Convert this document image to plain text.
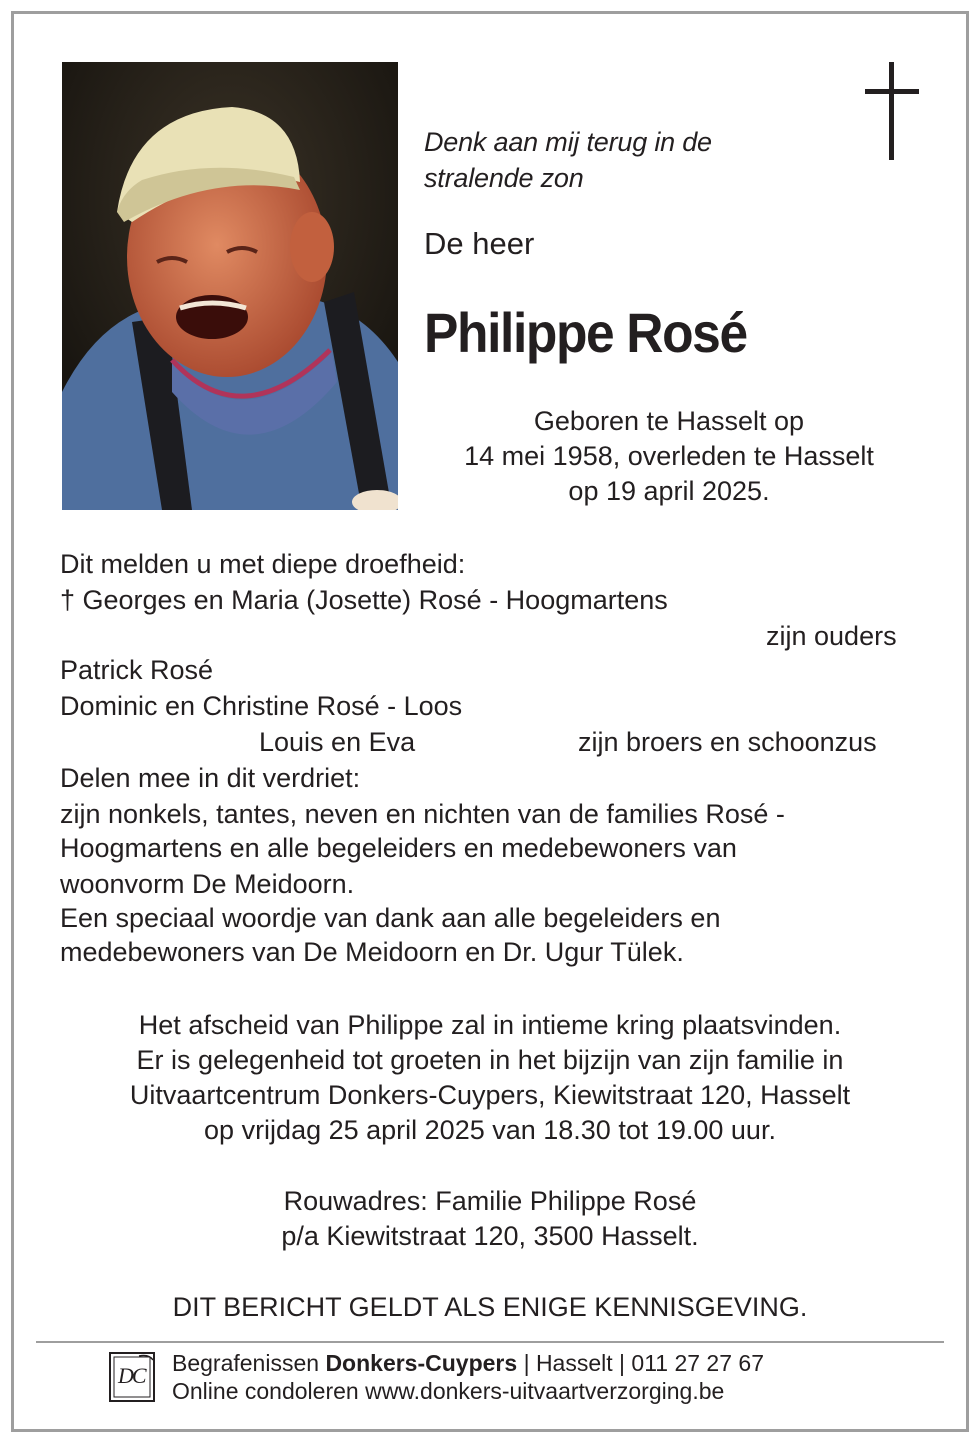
Denk aan mij terug in de
stralende zon
De heer
Philippe Rosé
Geboren te Hasselt op
14 mei 1958, overleden te Hasselt
op 19 april 2025.
Dit melden u met diepe droefheid:
† Georges en Maria (Josette) Rosé - Hoogmartens
zijn ouders
Patrick Rosé
Dominic en Christine Rosé - Loos
Louis en Eva	zijn broers en schoonzus
Delen mee in dit verdriet:
zijn nonkels, tantes, neven en nichten van de families Rosé -
Hoogmartens en alle begeleiders en medebewoners van
woonvorm De Meidoorn.
Een speciaal woordje van dank aan alle begeleiders en
medebewoners van De Meidoorn en Dr. Ugur Tülek.
Het afscheid van Philippe zal in intieme kring plaatsvinden.
Er is gelegenheid tot groeten in het bijzijn van zijn familie in
Uitvaartcentrum Donkers-Cuypers, Kiewitstraat 120, Hasselt
op vrijdag 25 april 2025 van 18.30 tot 19.00 uur.
Rouwadres: Familie Philippe Rosé
p/a Kiewitstraat 120, 3500 Hasselt.
DIT BERICHT GELDT ALS ENIGE KENNISGEVING.
DC Begrafenissen Donkers-Cuypers | Hasselt | 011 27 27 67
Online condoleren www.donkers-uitvaartverzorging.be
